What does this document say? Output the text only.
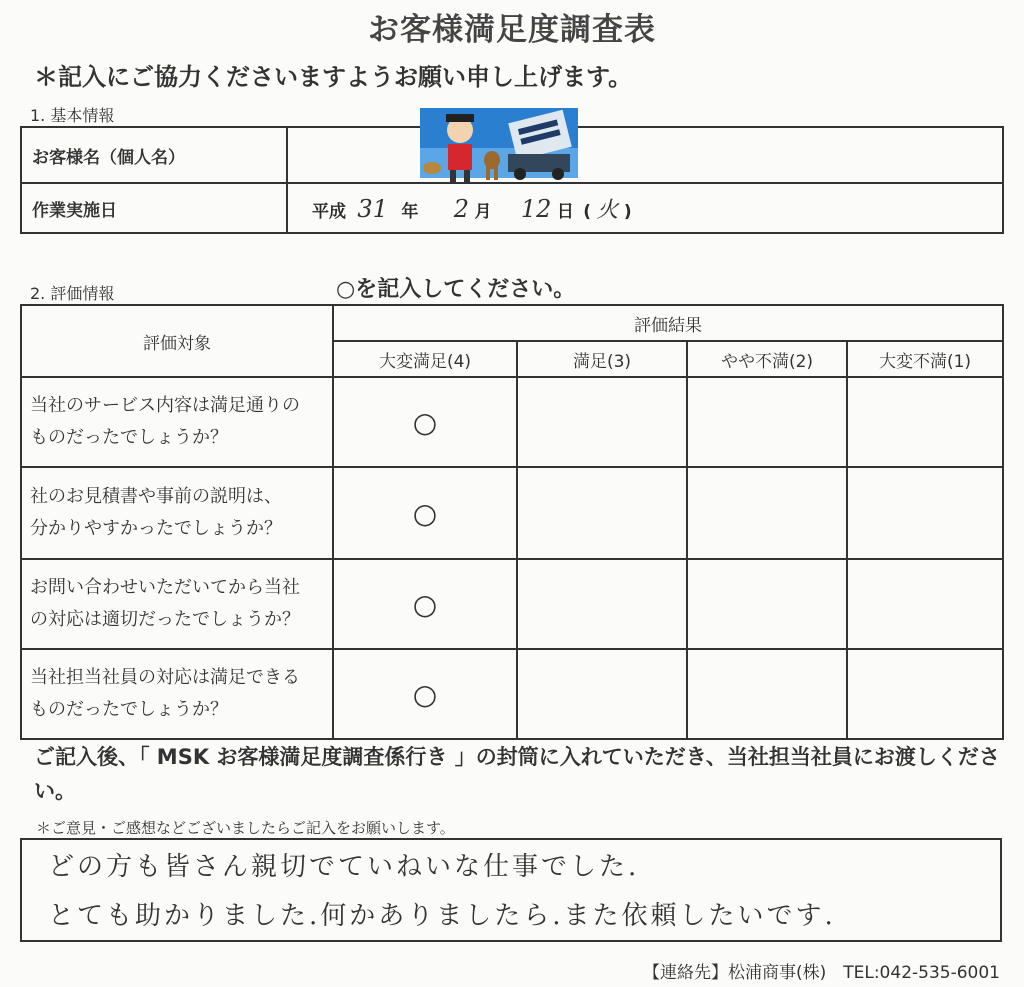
お客様満足度調査表
＊記入にご協力くださいますようお願い申し上げます。
1. 基本情報
お客様名（個人名）	
作業実施日	平成 31 年 2 月 12 日 ( 火 )
2. 評価情報	○を記入してください。
評価対象	評価結果			
	大変満足(4)	満足(3)	やや不満(2)	大変不満(1)

当社のサービス内容は満足通りの
ものだったでしょうか？	○			

社のお見積書や事前の説明は、
分かりやすかったでしょうか？	○			

お問い合わせいただいてから当社
の対応は適切だったでしょうか？	○			

当社担当社員の対応は満足できる
ものだったでしょうか？	○			
ご記入後、「 MSK お客様満足度調査係行き 」の封筒に入れていただき、当社担当社員にお渡しください。
＊ご意見・ご感想などございましたらご記入をお願いします。
どの方も皆さん親切でていねいな仕事でした.
とても助かりました.何かありましたら.また依頼したいです.
【連絡先】松浦商事(株)　TEL:042-535-6001
